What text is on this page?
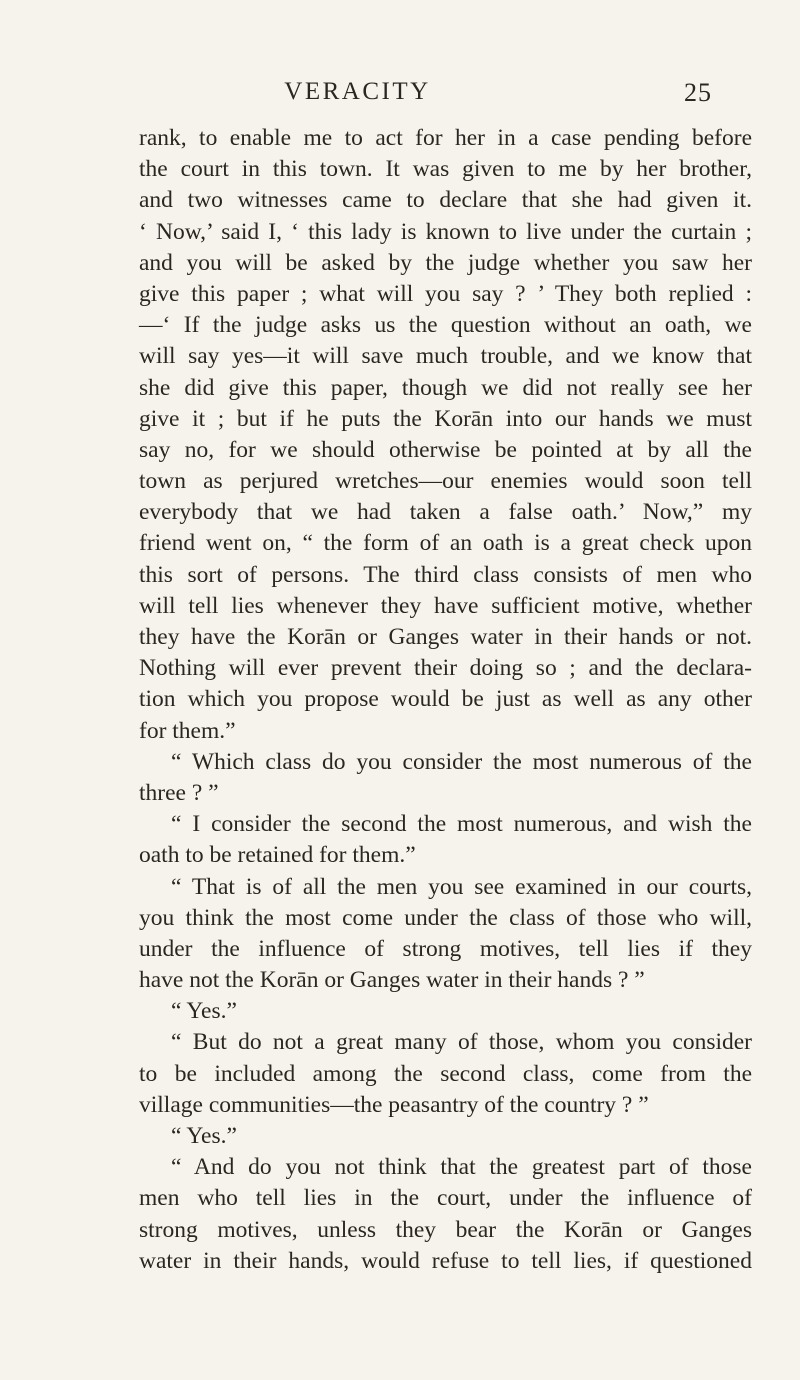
VERACITY	25
rank, to enable me to act for her in a case pending before
the court in this town. It was given to me by her brother,
and two witnesses came to declare that she had given it.
‘ Now,’ said I, ‘ this lady is known to live under the curtain ;
and you will be asked by the judge whether you saw her
give this paper ; what will you say ? ’ They both replied :
—‘ If the judge asks us the question without an oath, we
will say yes—it will save much trouble, and we know that
she did give this paper, though we did not really see her
give it ; but if he puts the Korān into our hands we must
say no, for we should otherwise be pointed at by all the
town as perjured wretches—our enemies would soon tell
everybody that we had taken a false oath.’ Now,” my
friend went on, “ the form of an oath is a great check upon
this sort of persons. The third class consists of men who
will tell lies whenever they have sufficient motive, whether
they have the Korān or Ganges water in their hands or not.
Nothing will ever prevent their doing so ; and the declara-
tion which you propose would be just as well as any other
for them.”
“ Which class do you consider the most numerous of the
three ? ”
“ I consider the second the most numerous, and wish the
oath to be retained for them.”
“ That is of all the men you see examined in our courts,
you think the most come under the class of those who will,
under the influence of strong motives, tell lies if they
have not the Korān or Ganges water in their hands ? ”
“ Yes.”
“ But do not a great many of those, whom you consider
to be included among the second class, come from the
village communities—the peasantry of the country ? ”
“ Yes.”
“ And do you not think that the greatest part of those
men who tell lies in the court, under the influence of
strong motives, unless they bear the Korān or Ganges
water in their hands, would refuse to tell lies, if questioned
